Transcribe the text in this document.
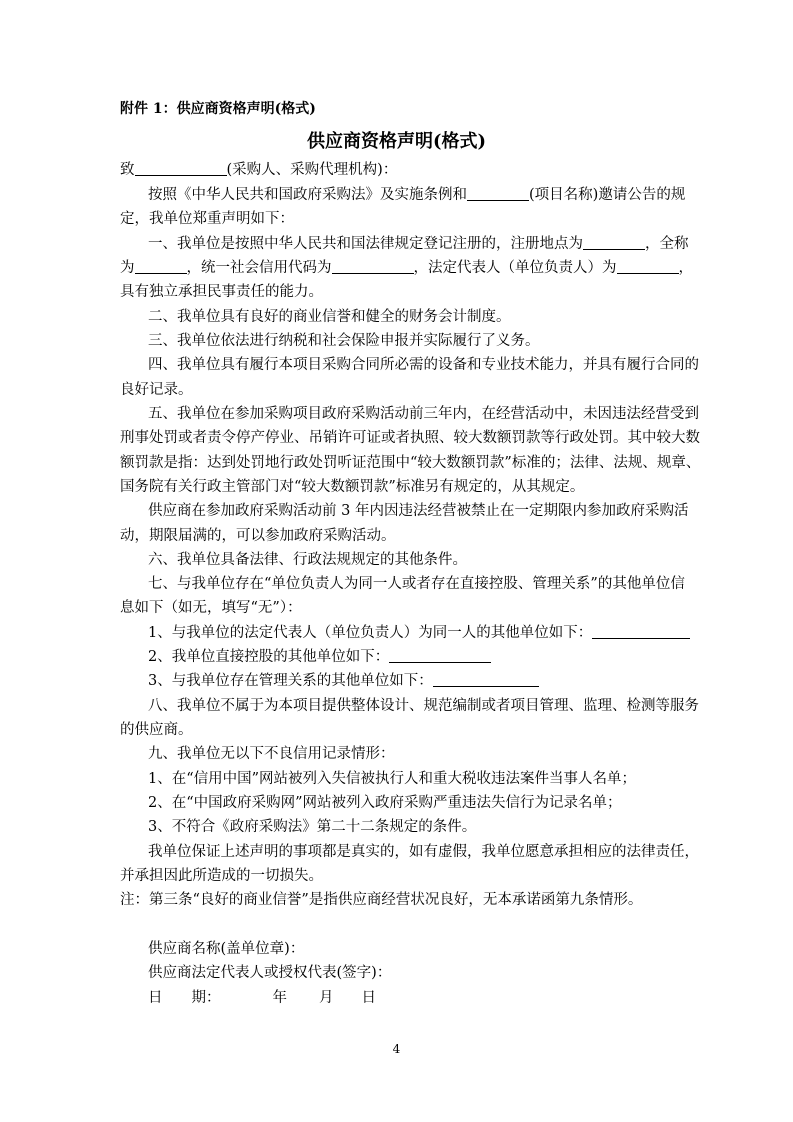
附件 1：供应商资格声明(格式)
供应商资格声明(格式)
致	(采购人、采购代理机构)：
按照《中华人民共和国政府采购法》及实施条例和	(项目名称)邀请公告的规
定，我单位郑重声明如下：
一、我单位是按照中华人民共和国法律规定登记注册的，注册地点为	，全称
为	，统一社会信用代码为	，法定代表人（单位负责人）为	，
具有独立承担民事责任的能力。
二、我单位具有良好的商业信誉和健全的财务会计制度。
三、我单位依法进行纳税和社会保险申报并实际履行了义务。
四、我单位具有履行本项目采购合同所必需的设备和专业技术能力，并具有履行合同的
良好记录。
五、我单位在参加采购项目政府采购活动前三年内，在经营活动中，未因违法经营受到
刑事处罚或者责令停产停业、吊销许可证或者执照、较大数额罚款等行政处罚。其中较大数
额罚款是指：达到处罚地行政处罚听证范围中“较大数额罚款”标准的；法律、法规、规章、
国务院有关行政主管部门对“较大数额罚款”标准另有规定的，从其规定。
供应商在参加政府采购活动前 3 年内因违法经营被禁止在一定期限内参加政府采购活
动，期限届满的，可以参加政府采购活动。
六、我单位具备法律、行政法规规定的其他条件。
七、与我单位存在“单位负责人为同一人或者存在直接控股、管理关系”的其他单位信
息如下（如无，填写“无”）：
1、与我单位的法定代表人（单位负责人）为同一人的其他单位如下：
2、我单位直接控股的其他单位如下：
3、与我单位存在管理关系的其他单位如下：
八、我单位不属于为本项目提供整体设计、规范编制或者项目管理、监理、检测等服务
的供应商。
九、我单位无以下不良信用记录情形：
1、在“信用中国”网站被列入失信被执行人和重大税收违法案件当事人名单；
2、在“中国政府采购网”网站被列入政府采购严重违法失信行为记录名单；
3、不符合《政府采购法》第二十二条规定的条件。
我单位保证上述声明的事项都是真实的，如有虚假，我单位愿意承担相应的法律责任，
并承担因此所造成的一切损失。
注：第三条“良好的商业信誉”是指供应商经营状况良好，无本承诺函第九条情形。
供应商名称(盖单位章)：
供应商法定代表人或授权代表(签字)：
日　　期：	年 月 日
4
